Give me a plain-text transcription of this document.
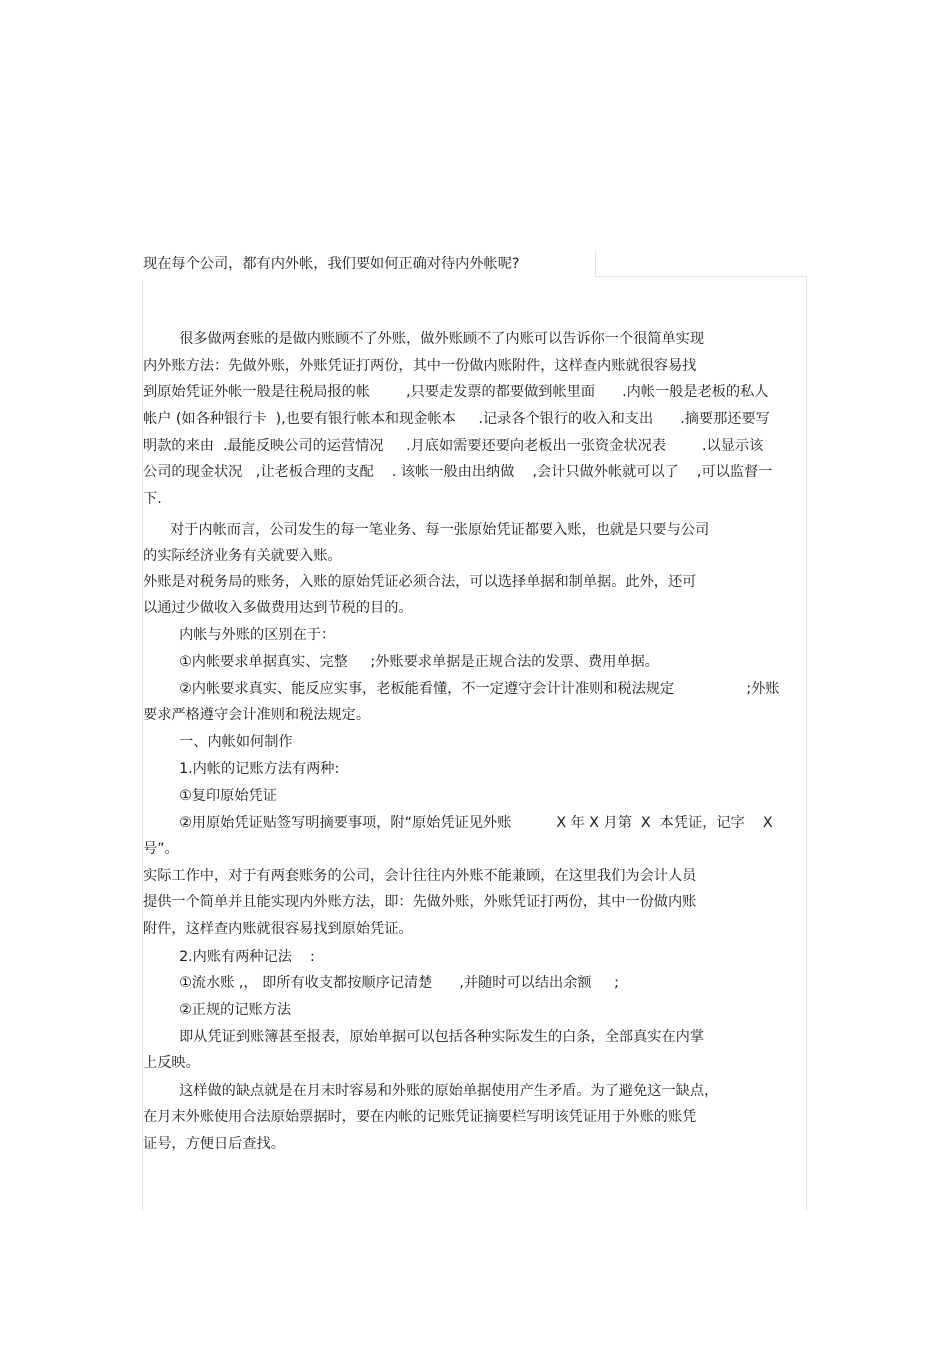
现在每个公司，都有内外帐，我们要如何正确对待内外帐呢?
很多做两套账的是做内账顾不了外账，做外账顾不了内账可以告诉你一个很简单实现
内外账方法：先做外账，外账凭证打两份，其中一份做内账附件，这样查内账就很容易找
到原始凭证外帐一般是往税局报的帐        ,只要走发票的都要做到帐里面      .内帐一般是老板的私人
帐户 (如各种银行卡  ),也要有银行帐本和现金帐本     .记录各个银行的收入和支出      .摘要那还要写
明款的来由  .最能反映公司的运营情况     .月底如需要还要向老板出一张资金状况表        .以显示该
公司的现金状况   ,让老板合理的支配    . 该帐一般由出纳做    ,会计只做外帐就可以了    ,可以监督一
下.
对于内帐而言，公司发生的每一笔业务、每一张原始凭证都要入账，也就是只要与公司
的实际经济业务有关就要入账。
外账是对税务局的账务，入账的原始凭证必须合法，可以选择单据和制单据。此外，还可
以通过少做收入多做费用达到节税的目的。
内帐与外账的区别在于：
①内帐要求单据真实、完整     ;外账要求单据是正规合法的发票、费用单据。
②内帐要求真实、能反应实事，老板能看懂，不一定遵守会计计准则和税法规定                ;外账
要求严格遵守会计准则和税法规定。
一、内帐如何制作
1.内帐的记账方法有两种:
①复印原始凭证
②用原始凭证贴签写明摘要事项，附“原始凭证见外账          X 年 X 月第  X  本凭证，记字    X
号”。
实际工作中，对于有两套账务的公司，会计往往内外账不能兼顾，在这里我们为会计人员
提供一个简单并且能实现内外账方法，即：先做外账，外账凭证打两份，其中一份做内账
附件，这样查内账就很容易找到原始凭证。
2.内账有两种记法    :
①流水账 ,， 即所有收支都按顺序记清楚      ,并随时可以结出余额     ;
②正规的记账方法
即从凭证到账簿甚至报表，原始单据可以包括各种实际发生的白条，全部真实在内掌
上反映。
这样做的缺点就是在月末时容易和外账的原始单据使用产生矛盾。为了避免这一缺点，
在月末外账使用合法原始票据时，要在内帐的记账凭证摘要栏写明该凭证用于外账的账凭
证号，方便日后查找。
